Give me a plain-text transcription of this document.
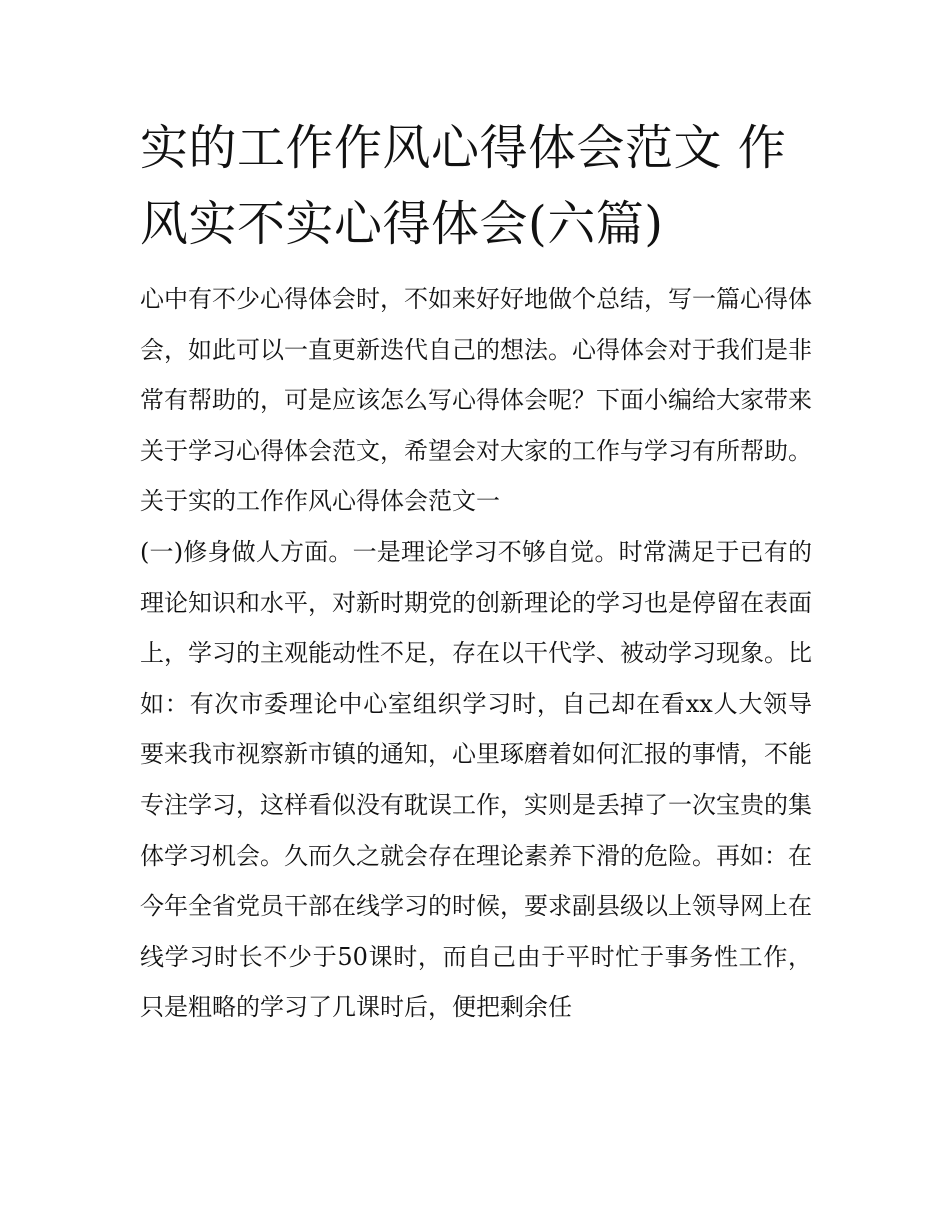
实的工作作风心得体会范文 作风实不实心得体会(六篇)

心中有不少心得体会时，不如来好好地做个总结，写一篇心得体会，如此可以一直更新迭代自己的想法。心得体会对于我们是非常有帮助的，可是应该怎么写心得体会呢？下面小编给大家带来关于学习心得体会范文，希望会对大家的工作与学习有所帮助。

关于实的工作作风心得体会范文一

(一)修身做人方面。一是理论学习不够自觉。时常满足于已有的理论知识和水平，对新时期党的创新理论的学习也是停留在表面上，学习的主观能动性不足，存在以干代学、被动学习现象。比如：有次市委理论中心室组织学习时，自己却在看xx人大领导要来我市视察新市镇的通知，心里琢磨着如何汇报的事情，不能专注学习，这样看似没有耽误工作，实则是丢掉了一次宝贵的集体学习机会。久而久之就会存在理论素养下滑的危险。再如：在今年全省党员干部在线学习的时候，要求副县级以上领导网上在线学习时长不少于50课时，而自己由于平时忙于事务性工作，只是粗略的学习了几课时后，便把剩余任
